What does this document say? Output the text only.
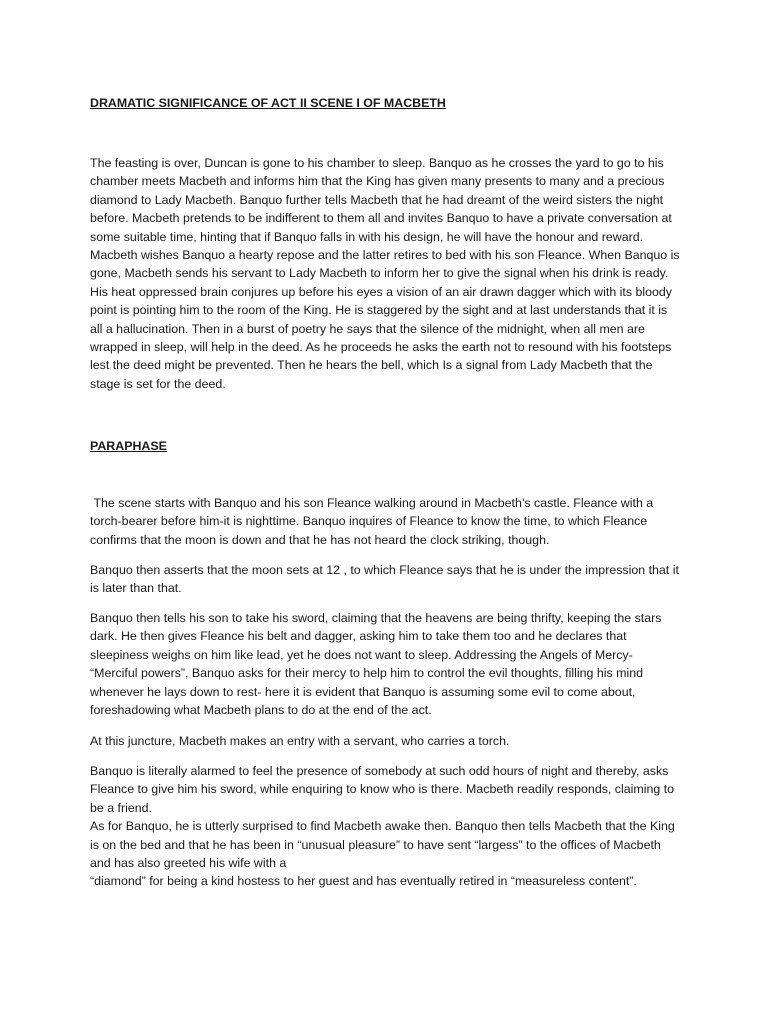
DRAMATIC SIGNIFICANCE OF ACT II SCENE I OF MACBETH

The feasting is over, Duncan is gone to his chamber to sleep. Banquo as he crosses the yard to go to his chamber meets Macbeth and informs him that the King has given many presents to many and a precious diamond to Lady Macbeth. Banquo further tells Macbeth that he had dreamt of the weird sisters the night before. Macbeth pretends to be indifferent to them all and invites Banquo to have a private conversation at some suitable time, hinting that if Banquo falls in with his design, he will have the honour and reward. Macbeth wishes Banquo a hearty repose and the latter retires to bed with his son Fleance. When Banquo is gone, Macbeth sends his servant to Lady Macbeth to inform her to give the signal when his drink is ready. His heat oppressed brain conjures up before his eyes a vision of an air drawn dagger which with its bloody point is pointing him to the room of the King. He is staggered by the sight and at last understands that it is all a hallucination. Then in a burst of poetry he says that the silence of the midnight, when all men are wrapped in sleep, will help in the deed. As he proceeds he asks the earth not to resound with his footsteps lest the deed might be prevented. Then he hears the bell, which Is a signal from Lady Macbeth that the stage is set for the deed.

PARAPHASE

The scene starts with Banquo and his son Fleance walking around in Macbeth’s castle. Fleance with a torch-bearer before him-it is nighttime. Banquo inquires of Fleance to know the time, to which Fleance confirms that the moon is down and that he has not heard the clock striking, though.

Banquo then asserts that the moon sets at 12 , to which Fleance says that he is under the impression that it is later than that.

Banquo then tells his son to take his sword, claiming that the heavens are being thrifty, keeping the stars dark. He then gives Fleance his belt and dagger, asking him to take them too and he declares that sleepiness weighs on him like lead, yet he does not want to sleep. Addressing the Angels of Mercy- “Merciful powers”, Banquo asks for their mercy to help him to control the evil thoughts, filling his mind whenever he lays down to rest- here it is evident that Banquo is assuming some evil to come about, foreshadowing what Macbeth plans to do at the end of the act.

At this juncture, Macbeth makes an entry with a servant, who carries a torch.

Banquo is literally alarmed to feel the presence of somebody at such odd hours of night and thereby, asks Fleance to give him his sword, while enquiring to know who is there. Macbeth readily responds, claiming to be a friend.
As for Banquo, he is utterly surprised to find Macbeth awake then. Banquo then tells Macbeth that the King is on the bed and that he has been in “unusual pleasure” to have sent “largess” to the offices of Macbeth and has also greeted his wife with a
“diamond” for being a kind hostess to her guest and has eventually retired in “measureless content”.
